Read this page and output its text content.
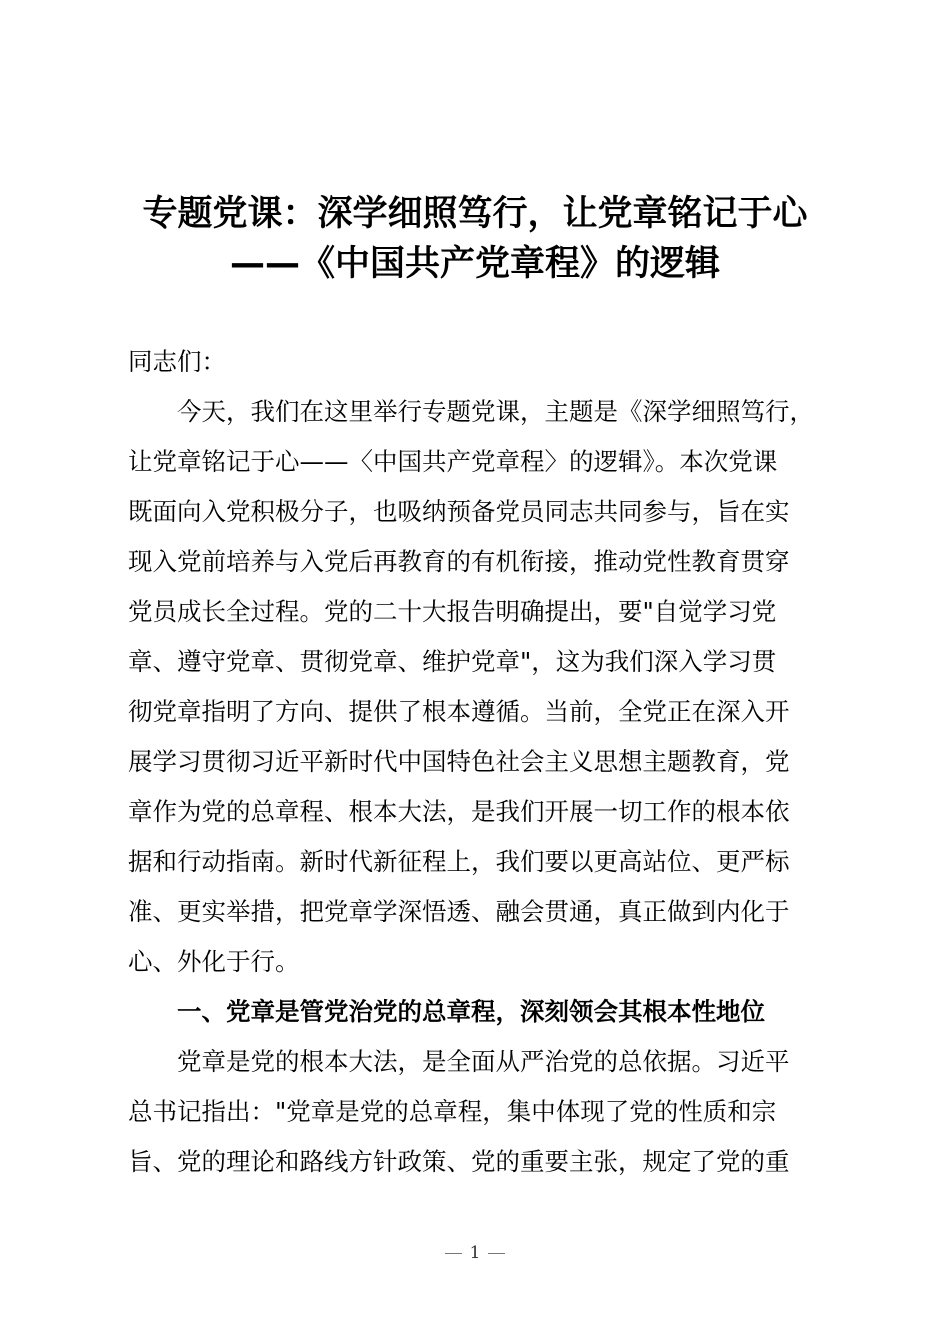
专题党课：深学细照笃行，让党章铭记于心
——《中国共产党章程》的逻辑
同志们：
今天，我们在这里举行专题党课，主题是《深学细照笃行，
让党章铭记于心——〈中国共产党章程〉的逻辑》。本次党课
既面向入党积极分子，也吸纳预备党员同志共同参与，旨在实
现入党前培养与入党后再教育的有机衔接，推动党性教育贯穿
党员成长全过程。党的二十大报告明确提出，要"自觉学习党
章、遵守党章、贯彻党章、维护党章"，这为我们深入学习贯
彻党章指明了方向、提供了根本遵循。当前，全党正在深入开
展学习贯彻习近平新时代中国特色社会主义思想主题教育，党
章作为党的总章程、根本大法，是我们开展一切工作的根本依
据和行动指南。新时代新征程上，我们要以更高站位、更严标
准、更实举措，把党章学深悟透、融会贯通，真正做到内化于
心、外化于行。
一、党章是管党治党的总章程，深刻领会其根本性地位
党章是党的根本大法，是全面从严治党的总依据。习近平
总书记指出："党章是党的总章程，集中体现了党的性质和宗
旨、党的理论和路线方针政策、党的重要主张，规定了党的重
1
